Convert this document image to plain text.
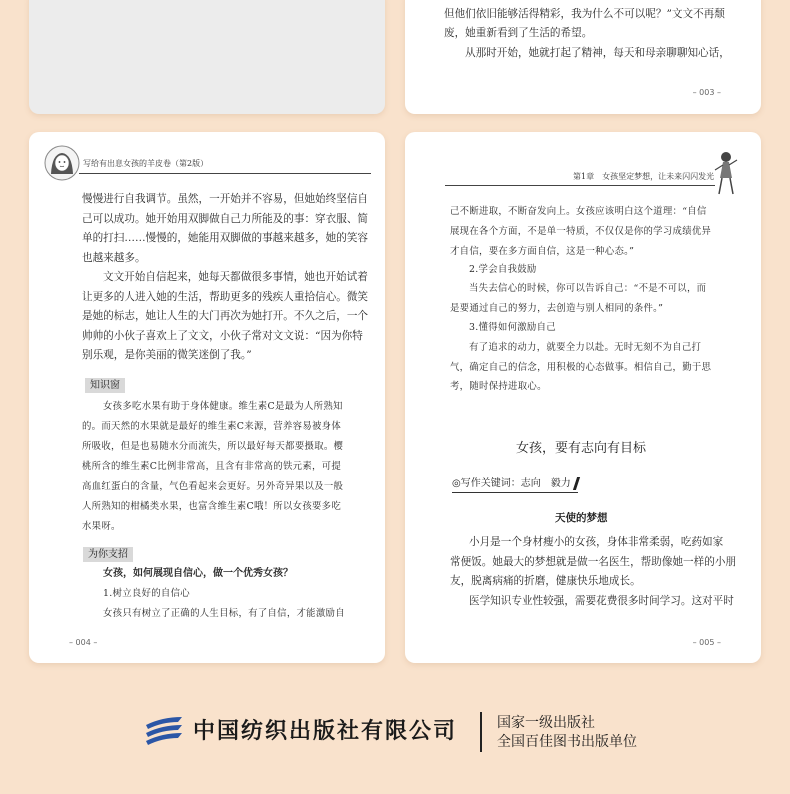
但他们依旧能够活得精彩，我为什么不可以呢？”文文不再颓
废，她重新看到了生活的希望。
从那时开始，她就打起了精神，每天和母亲聊聊知心话，
– 003 –
写给有出息女孩的羊皮卷（第2版）
慢慢进行自我调节。虽然，一开始并不容易，但她始终坚信自
己可以成功。她开始用双脚做自己力所能及的事：穿衣服、简
单的打扫……慢慢的，她能用双脚做的事越来越多，她的笑容
也越来越多。
文文开始自信起来，她每天都做很多事情，她也开始试着
让更多的人进入她的生活，帮助更多的残疾人重拾信心。微笑
是她的标志，她让人生的大门再次为她打开。不久之后，一个
帅帅的小伙子喜欢上了文文，小伙子常对文文说：“因为你特
别乐观，是你美丽的微笑迷倒了我。”
知识窗
女孩多吃水果有助于身体健康。维生素C是最为人所熟知
的。而天然的水果就是最好的维生素C来源，营养容易被身体
所吸收，但是也易随水分而流失，所以最好每天都要摄取。樱
桃所含的维生素C比例非常高，且含有非常高的铁元素，可提
高血红蛋白的含量，气色看起来会更好。另外奇异果以及一般
人所熟知的柑橘类水果，也富含维生素C哦！所以女孩要多吃
水果呀。
为你支招
女孩，如何展现自信心，做一个优秀女孩？
1.树立良好的自信心
女孩只有树立了正确的人生目标，有了自信，才能激励自
– 004 –
第1章　女孩坚定梦想，让未来闪闪发光
己不断进取，不断奋发向上。女孩应该明白这个道理：“自信
展现在各个方面，不是单一特质，不仅仅是你的学习成绩优异
才自信，要在多方面自信，这是一种心态。”
2.学会自我鼓励
当失去信心的时候，你可以告诉自己：“不是不可以，而
是要通过自己的努力，去创造与别人相同的条件。”
3.懂得如何激励自己
有了追求的动力，就要全力以赴。无时无刻不为自己打
气，确定自己的信念，用积极的心态做事。相信自己，勤于思
考，随时保持进取心。
女孩，要有志向有目标
◎写作关键词：志向　毅力
天使的梦想
小月是一个身材瘦小的女孩，身体非常柔弱，吃药如家
常便饭。她最大的梦想就是做一名医生，帮助像她一样的小朋
友，脱离病痛的折磨，健康快乐地成长。
医学知识专业性较强，需要花费很多时间学习。这对平时
– 005 –
中国纺织出版社有限公司	国家一级出版社
全国百佳图书出版单位
